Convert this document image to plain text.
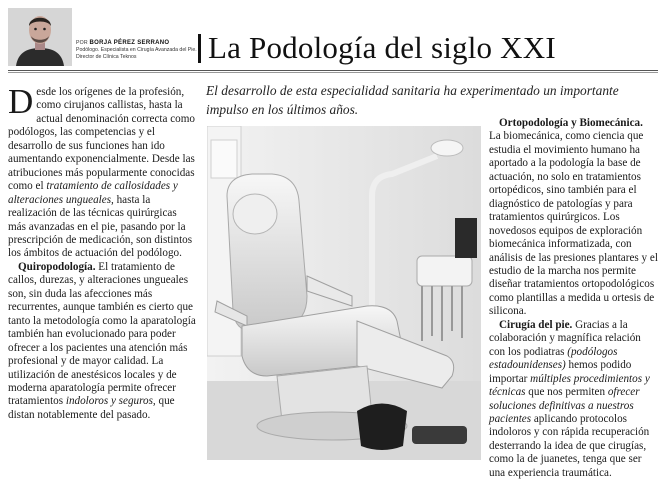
POR BORJA PÉREZ SERRANO
Podólogo. Especialista en Cirugía Avanzada del Pie. Director de Clínica Teknos	La Podología del siglo XXI
El desarrollo de esta especialidad sanitaria ha experimentado un importante impulso en los últimos años.

Desde los orígenes de la profesión, como cirujanos callistas, hasta la actual denominación correcta como podólogos, las competencias y el desarrollo de sus funciones han ido aumentando exponencialmente. Desde las atribuciones más popularmente conocidas como el tratamiento de callosidades y alteraciones ungueales, hasta la realización de las técnicas quirúrgicas más avanzadas en el pie, pasando por la prescripción de medicación, son distintos los ámbitos de actuación del podólogo.

Quiropodología. El tratamiento de callos, durezas, y alteraciones ungueales son, sin duda las afecciones más recurrentes, aunque también es cierto que tanto la metodología como la aparatología también han evolucionado para poder ofrecer a los pacientes una atención más profesional y de mayor calidad. La utilización de anestésicos locales y de moderna aparatología permite ofrecer tratamientos indoloros y seguros, que distan notablemente del pasado.

Ortopodología y Biomecánica.

La biomecánica, como ciencia que estudia el movimiento humano ha aportado a la podología la base de actuación, no solo en tratamientos ortopédicos, sino también para el diagnóstico de patologías y para tratamientos quirúrgicos. Los novedosos equipos de exploración biomecánica informatizada, con análisis de las presiones plantares y el estudio de la marcha nos permite diseñar tratamientos ortopodológicos como plantillas a medida u ortesis de silicona.

Cirugía del pie. Gracias a la colaboración y magnífica relación con los podiatras (podólogos estadounidenses) hemos podido importar múltiples procedimientos y técnicas que nos permiten ofrecer soluciones definitivas a nuestros pacientes aplicando protocolos indoloros y con rápida recuperación desterrando la idea de que cirugías, como la de juanetes, tenga que ser una experiencia traumática.
